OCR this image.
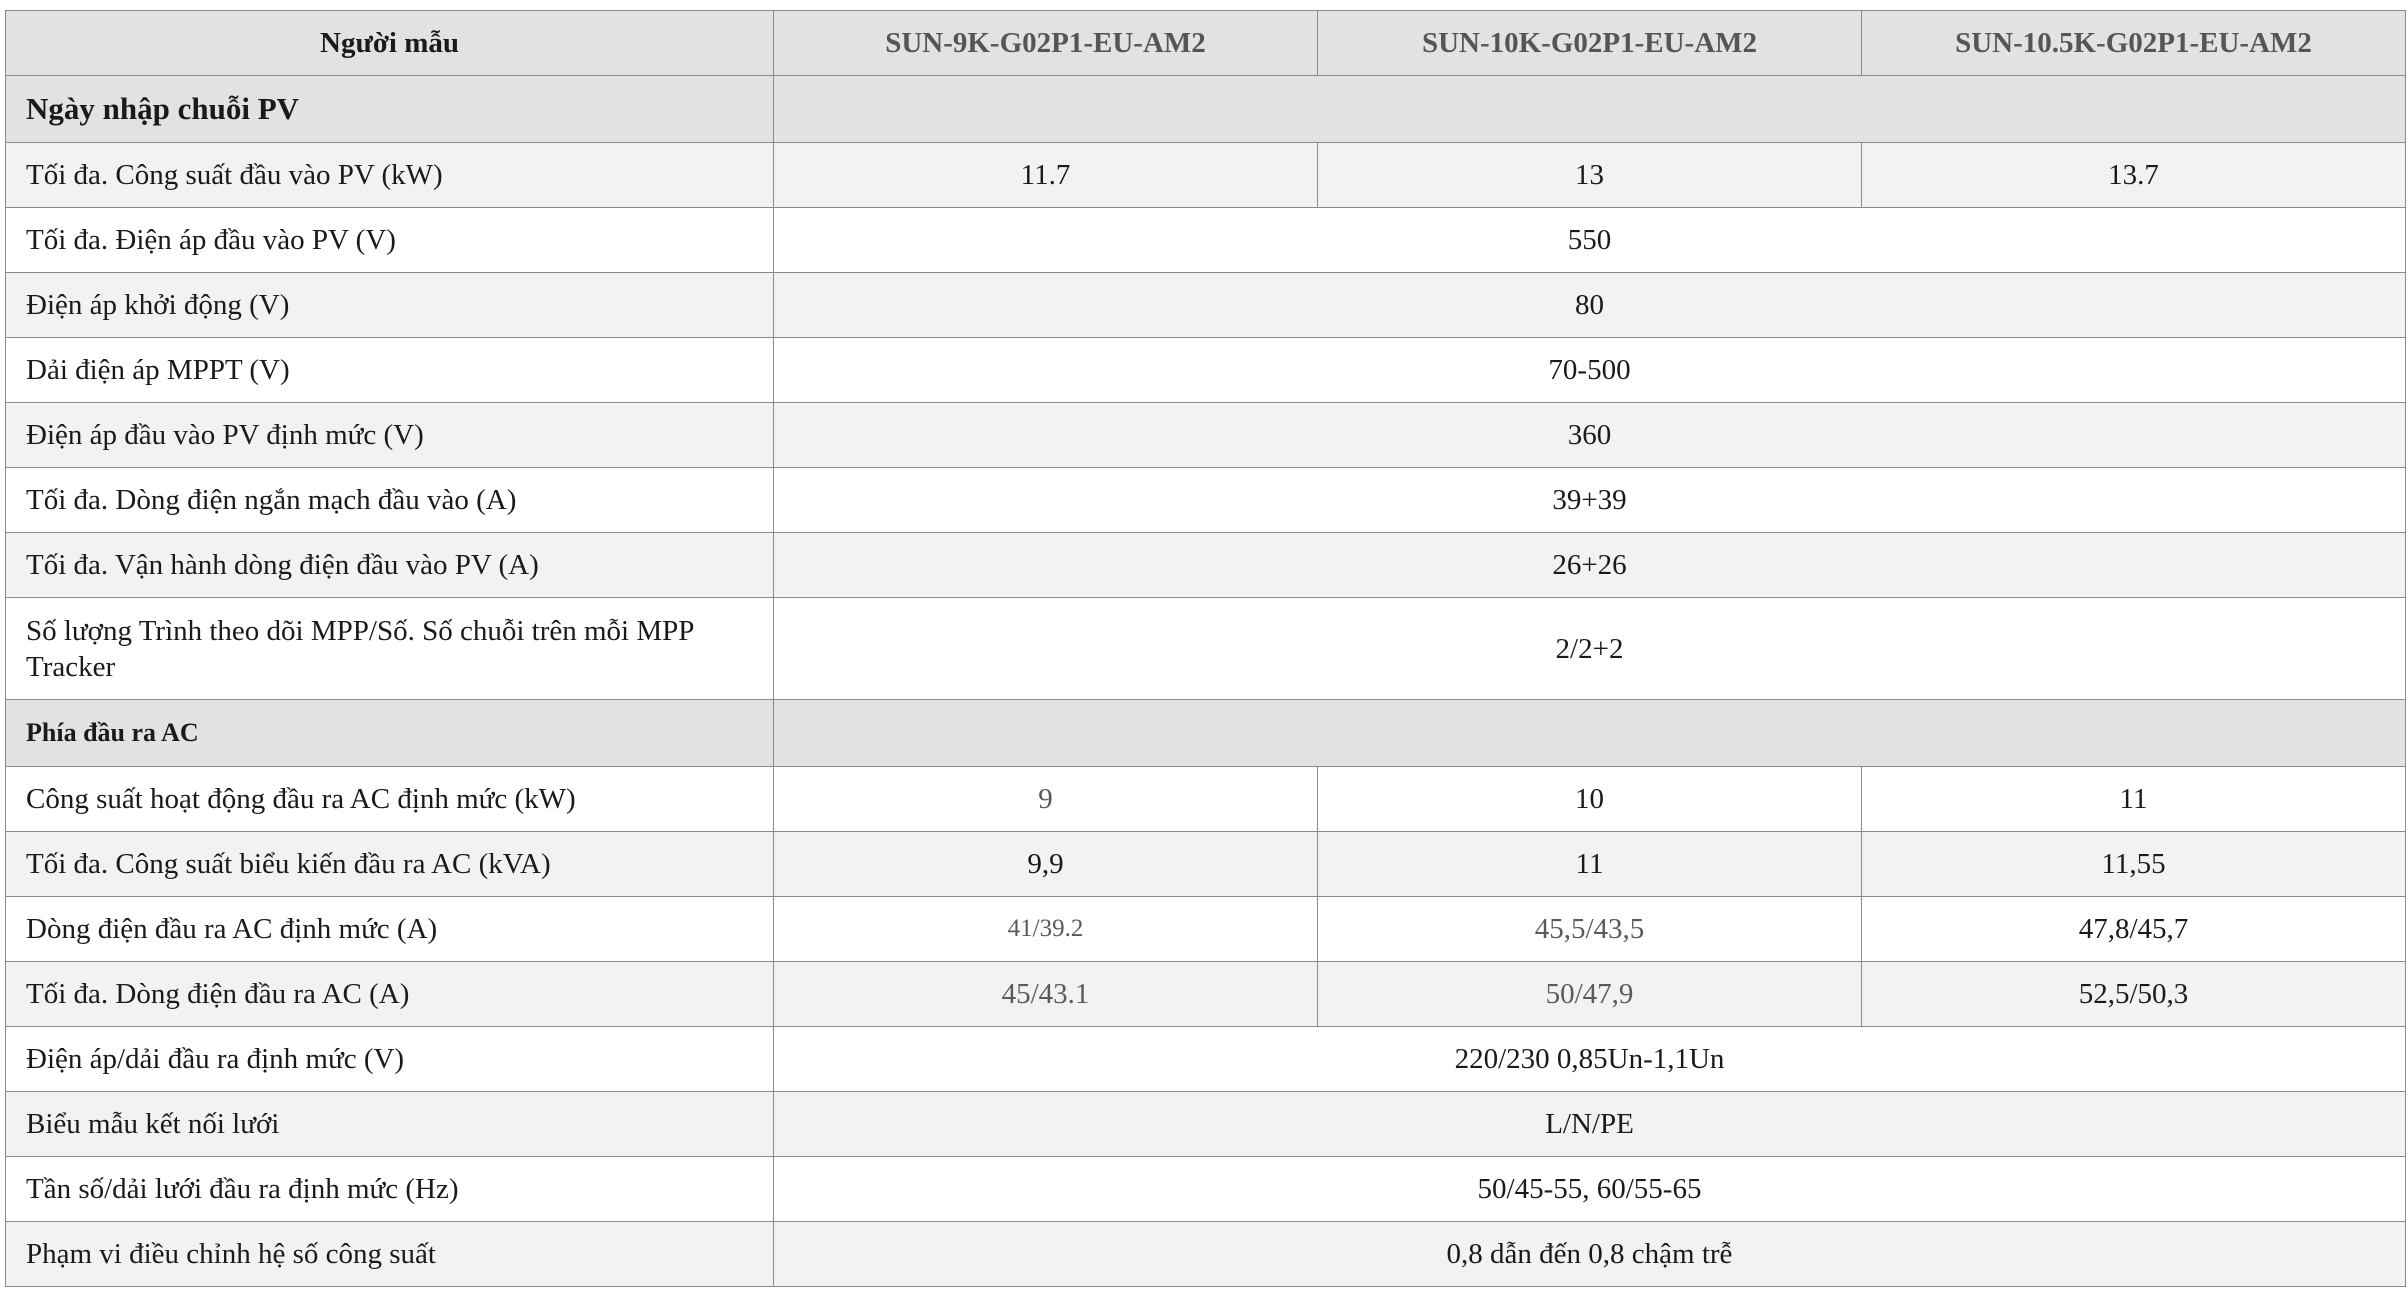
Người mẫu	SUN-9K-G02P1-EU-AM2	SUN-10K-G02P1-EU-AM2	SUN-10.5K-G02P1-EU-AM2
Ngày nhập chuỗi PV			
Tối đa. Công suất đầu vào PV (kW)	11.7	13	13.7
Tối đa. Điện áp đầu vào PV (V)	550		
Điện áp khởi động (V)	80		
Dải điện áp MPPT (V)	70-500		
Điện áp đầu vào PV định mức (V)	360		
Tối đa. Dòng điện ngắn mạch đầu vào (A)	39+39		
Tối đa. Vận hành dòng điện đầu vào PV (A)	26+26		
Số lượng Trình theo dõi MPP/Số. Số chuỗi trên mỗi MPP Tracker	2/2+2		
Phía đầu ra AC			
Công suất hoạt động đầu ra AC định mức (kW)	9	10	11
Tối đa. Công suất biểu kiến đầu ra AC (kVA)	9,9	11	11,55
Dòng điện đầu ra AC định mức (A)	41/39.2	45,5/43,5	47,8/45,7
Tối đa. Dòng điện đầu ra AC (A)	45/43.1	50/47,9	52,5/50,3
Điện áp/dải đầu ra định mức (V)	220/230 0,85Un-1,1Un		
Biểu mẫu kết nối lưới	L/N/PE		
Tần số/dải lưới đầu ra định mức (Hz)	50/45-55, 60/55-65		
Phạm vi điều chỉnh hệ số công suất	0,8 dẫn đến 0,8 chậm trễ		
